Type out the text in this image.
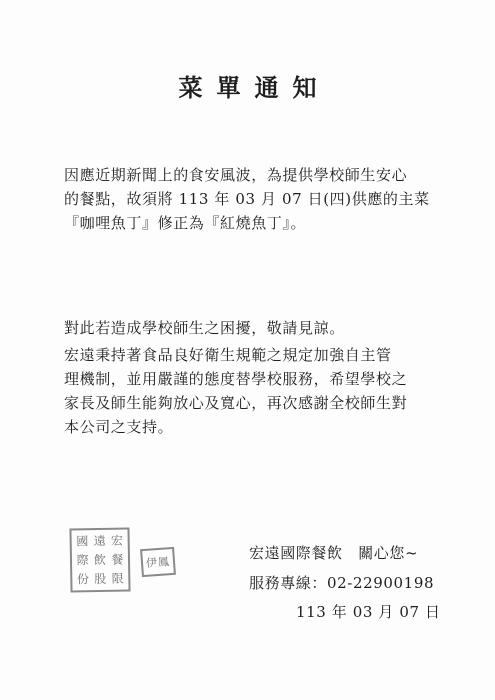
菜單通知
因應近期新聞上的食安風波，為提供學校師生安心
的餐點，故須將 113 年 03 月 07 日(四)供應的主菜
『咖哩魚丁』修正為『紅燒魚丁』。
對此若造成學校師生之困擾，敬請見諒。
宏遠秉持著食品良好衛生規範之規定加強自主管
理機制，並用嚴謹的態度替學校服務，希望學校之
家長及師生能夠放心及寬心，再次感謝全校師生對
本公司之支持。
國 遠 宏
際 飲 餐
份 股 限
伊鳳
宏遠國際餐飲　關心您~
服務專線：02-22900198
113 年 03 月 07 日
